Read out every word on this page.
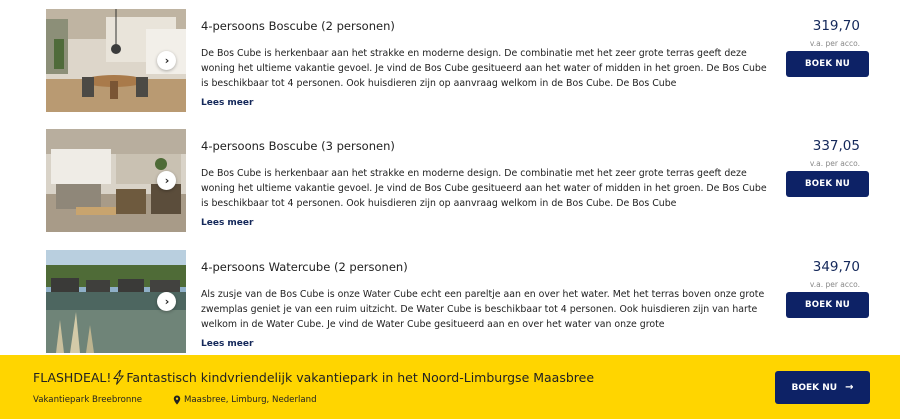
›
4-persoons Boscube (2 personen)
De Bos Cube is herkenbaar aan het strakke en moderne design. De combinatie met het zeer grote terras geeft deze woning het ultieme vakantie gevoel. Je vind de Bos Cube gesitueerd aan het water of midden in het groen. De Bos Cube is beschikbaar tot 4 personen. Ook huisdieren zijn op aanvraag welkom in de Bos Cube. De Bos Cube
Lees meer
319,70
v.a. per acco.
BOEK NU
›
4-persoons Boscube (3 personen)
De Bos Cube is herkenbaar aan het strakke en moderne design. De combinatie met het zeer grote terras geeft deze woning het ultieme vakantie gevoel. Je vind de Bos Cube gesitueerd aan het water of midden in het groen. De Bos Cube is beschikbaar tot 4 personen. Ook huisdieren zijn op aanvraag welkom in de Bos Cube. De Bos Cube
Lees meer
337,05
v.a. per acco.
BOEK NU
›
4-persoons Watercube (2 personen)
Als zusje van de Bos Cube is onze Water Cube echt een pareltje aan en over het water. Met het terras boven onze grote zwemplas geniet je van een ruim uitzicht. De Water Cube is beschikbaar tot 4 personen. Ook huisdieren zijn van harte welkom in de Water Cube. Je vind de Water Cube gesitueerd aan en over het water van onze grote
Lees meer
349,70
v.a. per acco.
BOEK NU
FLASHDEAL! Fantastisch kindvriendelijk vakantiepark in het Noord-Limburgse Maasbree
Vakantiepark Breebronne	Maasbree, Limburg, Nederland
BOEK NU →
